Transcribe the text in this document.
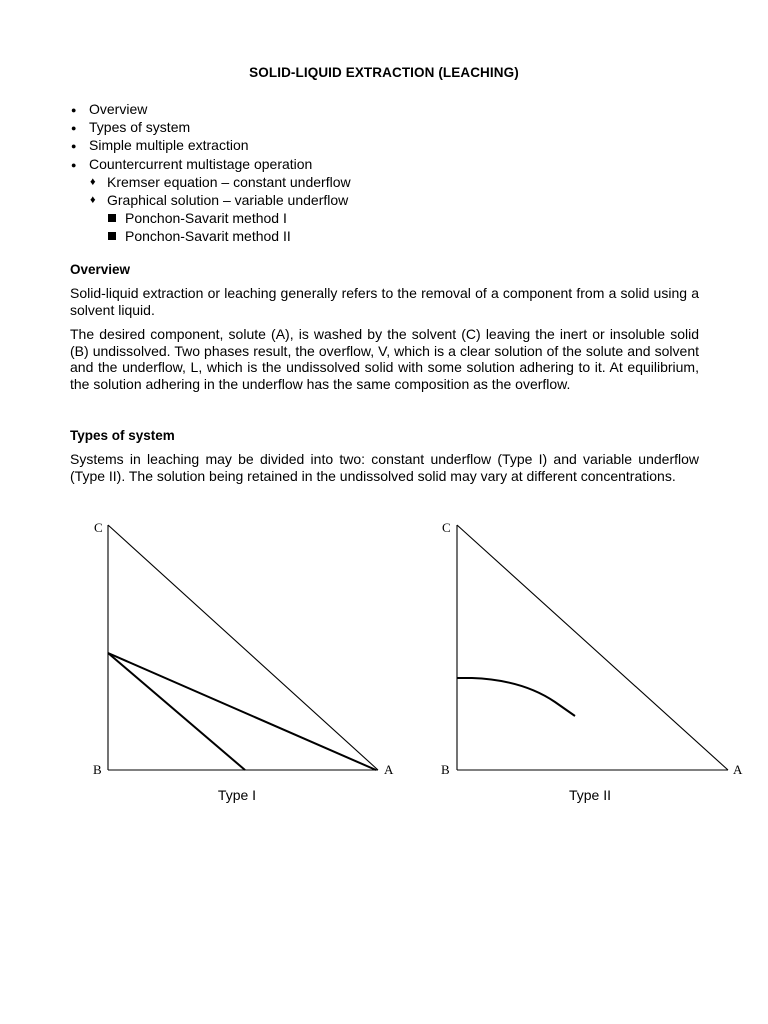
SOLID-LIQUID EXTRACTION (LEACHING)
● Overview
● Types of system
● Simple multiple extraction
● Countercurrent multistage operation
♦ Kremser equation – constant underflow
♦ Graphical solution – variable underflow
Ponchon-Savarit method I
Ponchon-Savarit method II
Overview
Solid-liquid extraction or leaching generally refers to the removal of a component from a solid using a solvent liquid.
The desired component, solute (A), is washed by the solvent (C) leaving the inert or insoluble solid (B) undissolved. Two phases result, the overflow, V, which is a clear solution of the solute and solvent and the underflow, L, which is the undissolved solid with some solution adhering to it. At equilibrium, the solution adhering in the underflow has the same composition as the overflow.
Types of system
Systems in leaching may be divided into two: constant underflow (Type I) and variable underflow (Type II). The solution being retained in the undissolved solid may vary at different concentrations.
C
B	A
Type I
C
B	A
Type II
